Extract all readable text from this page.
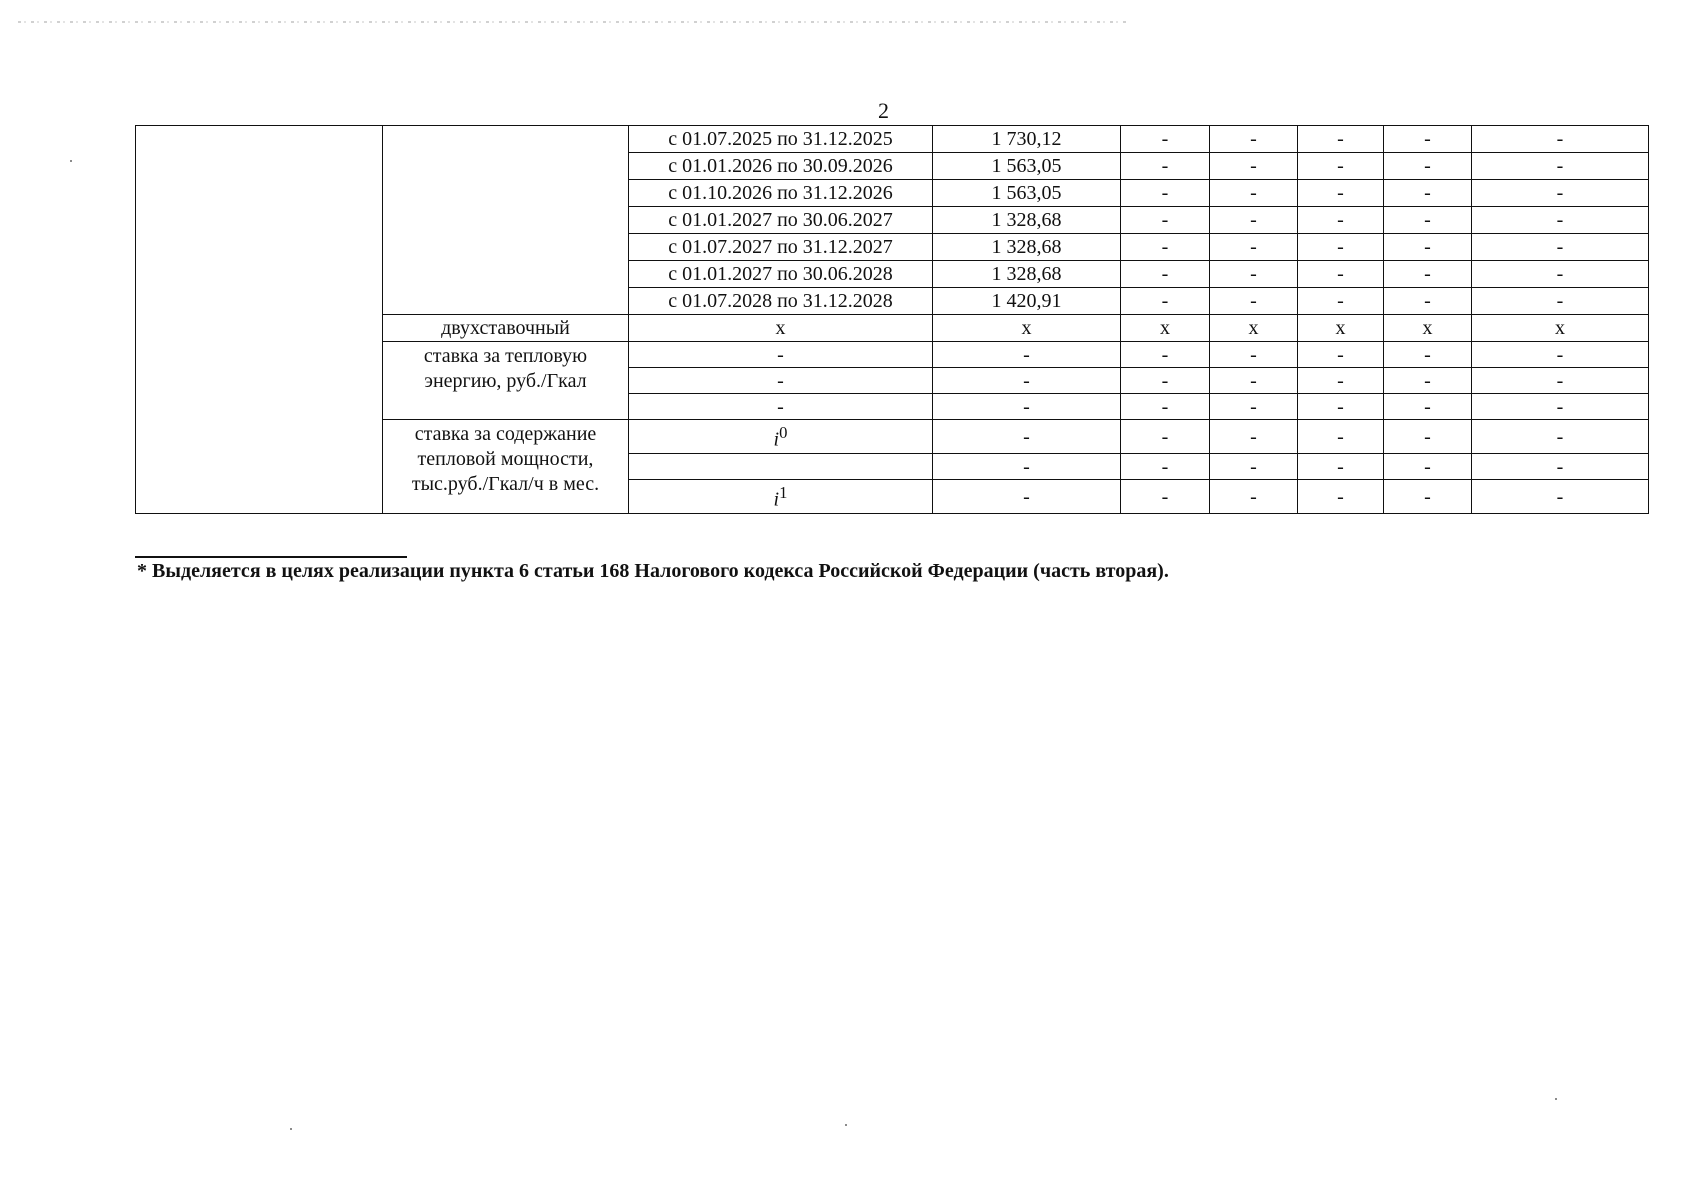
2
		с 01.07.2025 по 31.12.2025	1 730,12	-	-	-	-	-
		с 01.01.2026 по 30.09.2026	1 563,05	-	-	-	-	-
		с 01.10.2026 по 31.12.2026	1 563,05	-	-	-	-	-
		с 01.01.2027 по 30.06.2027	1 328,68	-	-	-	-	-
		с 01.07.2027 по 31.12.2027	1 328,68	-	-	-	-	-
		с 01.01.2027 по 30.06.2028	1 328,68	-	-	-	-	-
		с 01.07.2028 по 31.12.2028	1 420,91	-	-	-	-	-
	двухставочный	х	х	х	х	х	х	х
	ставка за тепловую энергию, руб./Гкал	-	-	-	-	-	-	-
		-	-	-	-	-	-	-
		-	-	-	-	-	-	-
	ставка за содержание тепловой мощности, тыс.руб./Гкал/ч в мес.	$i^0$	-	-	-	-	-	-
			-	-	-	-	-	-
		$i^1$	-	-	-	-	-	-
* Выделяется в целях реализации пункта 6 статьи 168 Налогового кодекса Российской Федерации (часть вторая).
